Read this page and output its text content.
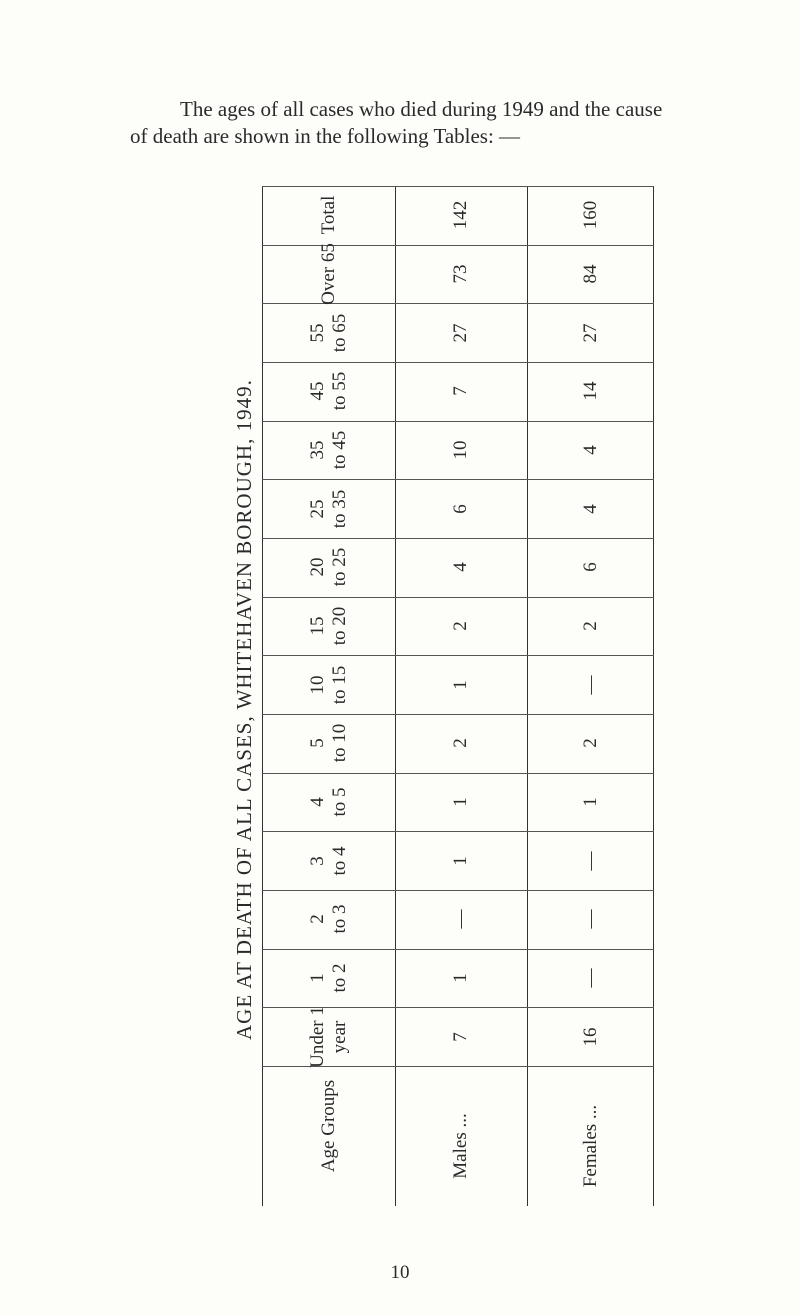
The ages of all cases who died during 1949 and the cause
of death are shown in the following Tables: —
AGE AT DEATH OF ALL CASES, WHITEHAVEN BOROUGH, 1949.
Age Groups	Males ...	Females ...
Under 1 year	7	16
1 to 2	1	—
2 to 3	—	—
3 to 4	1	—
4 to 5	1	1
5 to 10	2	2
10 to 15	1	—
15 to 20	2	2
20 to 25	4	6
25 to 35	6	4
35 to 45	10	4
45 to 55	7	14
55 to 65	27	27
Over 65	73	84
Total	142	160
10
